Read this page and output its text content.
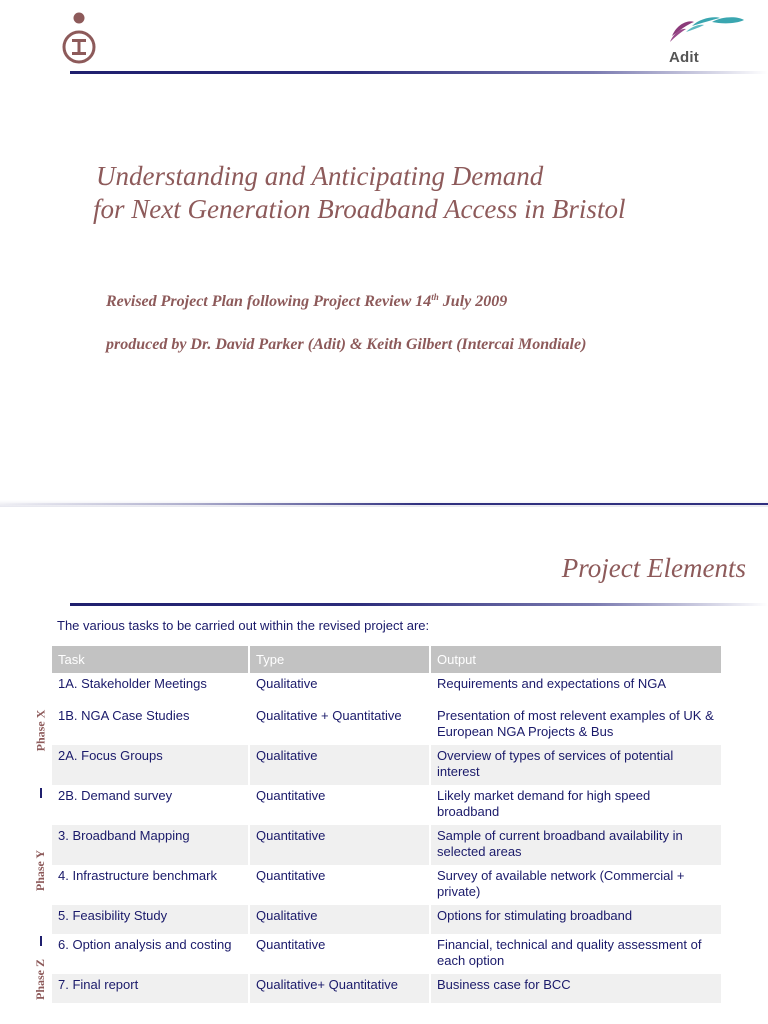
Adit
Understanding and Anticipating Demand
for Next Generation Broadband Access in Bristol
Revised Project Plan following Project Review 14th July 2009
produced by Dr. David Parker (Adit) & Keith Gilbert (Intercai Mondiale)
Project Elements
The various tasks to be carried out within the revised project are:
Task	Type	Output
1A. Stakeholder Meetings	Qualitative	Requirements and expectations of NGA
1B. NGA Case Studies	Qualitative + Quantitative	Presentation of most relevent examples of UK & European NGA Projects & Bus
2A. Focus Groups	Qualitative	Overview of types of services of potential interest
2B. Demand survey	Quantitative	Likely market demand for high speed broadband
3. Broadband Mapping	Quantitative	Sample of current broadband availability in selected areas
4. Infrastructure benchmark	Quantitative	Survey of available network (Commercial + private)
5. Feasibility Study	Qualitative	Options for stimulating broadband
6. Option analysis and costing	Quantitative	Financial, technical and quality assessment of each option
7. Final report	Qualitative+ Quantitative	Business case for BCC
Phase X
Phase Y
Phase Z
